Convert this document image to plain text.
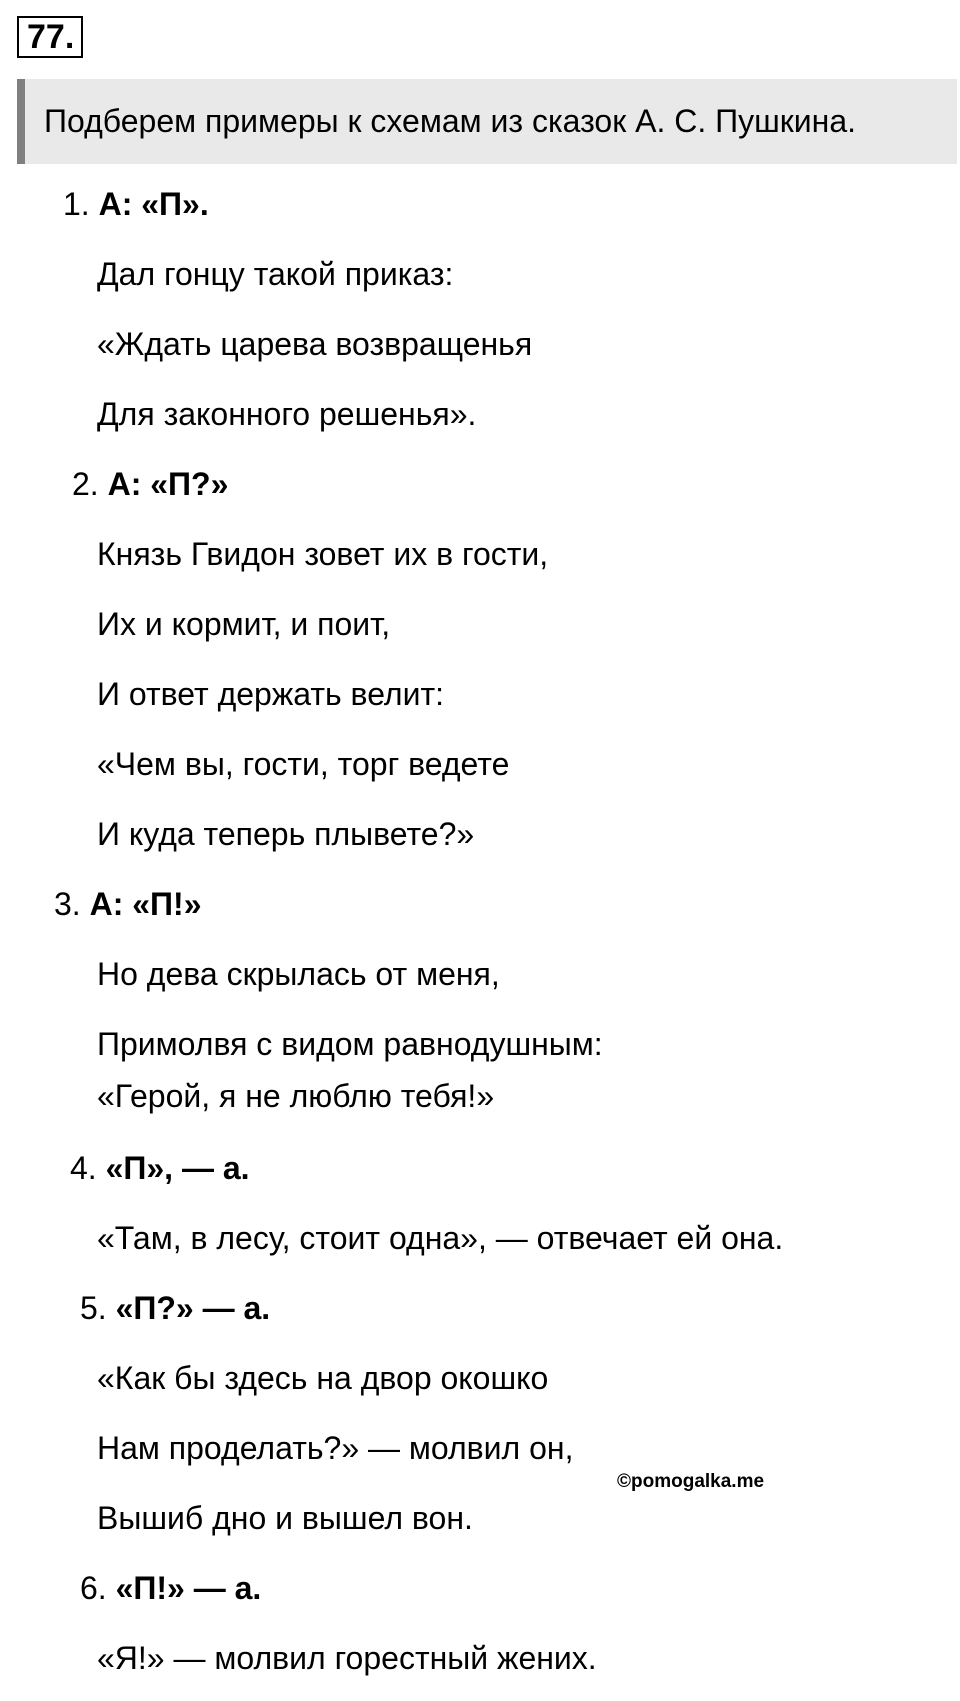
77.
Подберем примеры к схемам из сказок А. С. Пушкина.
1. А: «П».
Дал гонцу такой приказ:
«Ждать царева возвращенья
Для законного решенья».
2. А: «П?»
Князь Гвидон зовет их в гости,
Их и кормит, и поит,
И ответ держать велит:
«Чем вы, гости, торг ведете
И куда теперь плывете?»
3. А: «П!»
Но дева скрылась от меня,
Примолвя с видом равнодушным:
«Герой, я не люблю тебя!»
4. «П», — а.
«Там, в лесу, стоит одна», — отвечает ей она.
5. «П?» — а.
«Как бы здесь на двор окошко
Нам проделать?» — молвил он,
Вышиб дно и вышел вон.
6. «П!» — а.
«Я!» — молвил горестный жених.
©pomogalka.me
